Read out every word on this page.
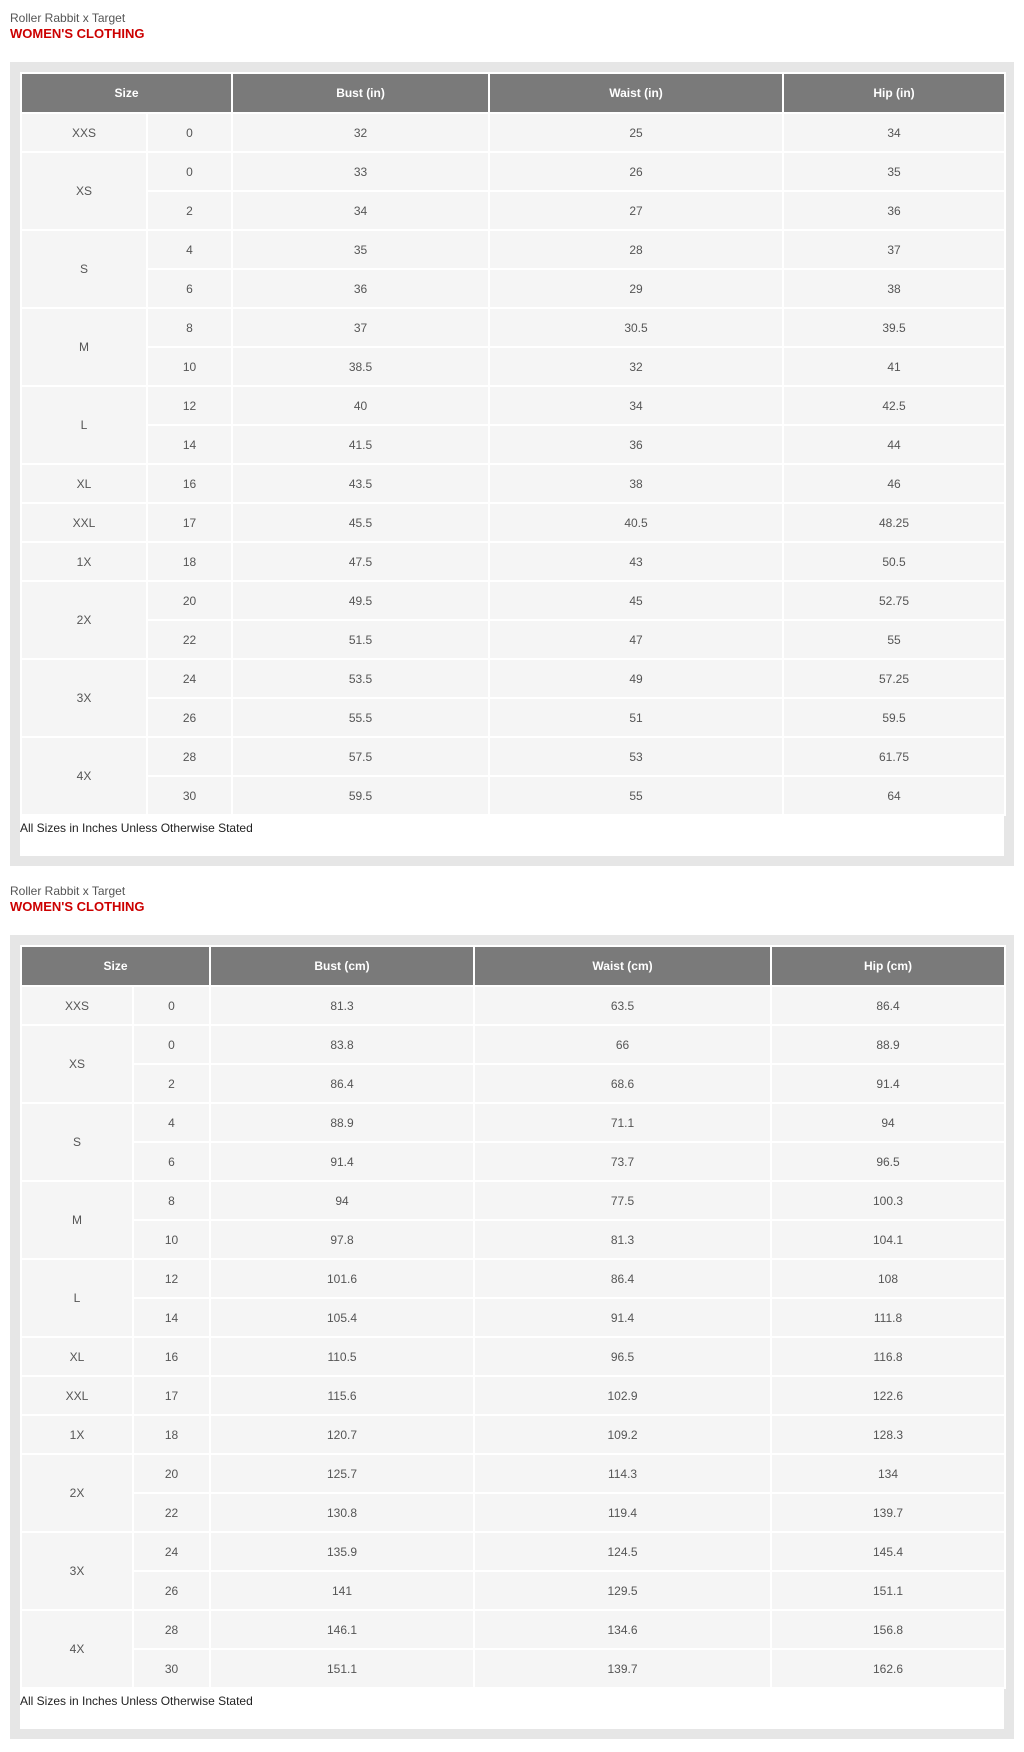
Roller Rabbit x Target
WOMEN'S CLOTHING
Size		Bust (in)	Waist (in)	Hip (in)
XXS	0	32	25	34
XS	0	33	26	35
	2	34	27	36
S	4	35	28	37
	6	36	29	38
M	8	37	30.5	39.5
	10	38.5	32	41
L	12	40	34	42.5
	14	41.5	36	44
XL	16	43.5	38	46
XXL	17	45.5	40.5	48.25
1X	18	47.5	43	50.5
2X	20	49.5	45	52.75
	22	51.5	47	55
3X	24	53.5	49	57.25
	26	55.5	51	59.5
4X	28	57.5	53	61.75
	30	59.5	55	64
All Sizes in Inches Unless Otherwise Stated
Roller Rabbit x Target
WOMEN'S CLOTHING
Size		Bust (cm)	Waist (cm)	Hip (cm)
XXS	0	81.3	63.5	86.4
XS	0	83.8	66	88.9
	2	86.4	68.6	91.4
S	4	88.9	71.1	94
	6	91.4	73.7	96.5
M	8	94	77.5	100.3
	10	97.8	81.3	104.1
L	12	101.6	86.4	108
	14	105.4	91.4	111.8
XL	16	110.5	96.5	116.8
XXL	17	115.6	102.9	122.6
1X	18	120.7	109.2	128.3
2X	20	125.7	114.3	134
	22	130.8	119.4	139.7
3X	24	135.9	124.5	145.4
	26	141	129.5	151.1
4X	28	146.1	134.6	156.8
	30	151.1	139.7	162.6
All Sizes in Inches Unless Otherwise Stated
